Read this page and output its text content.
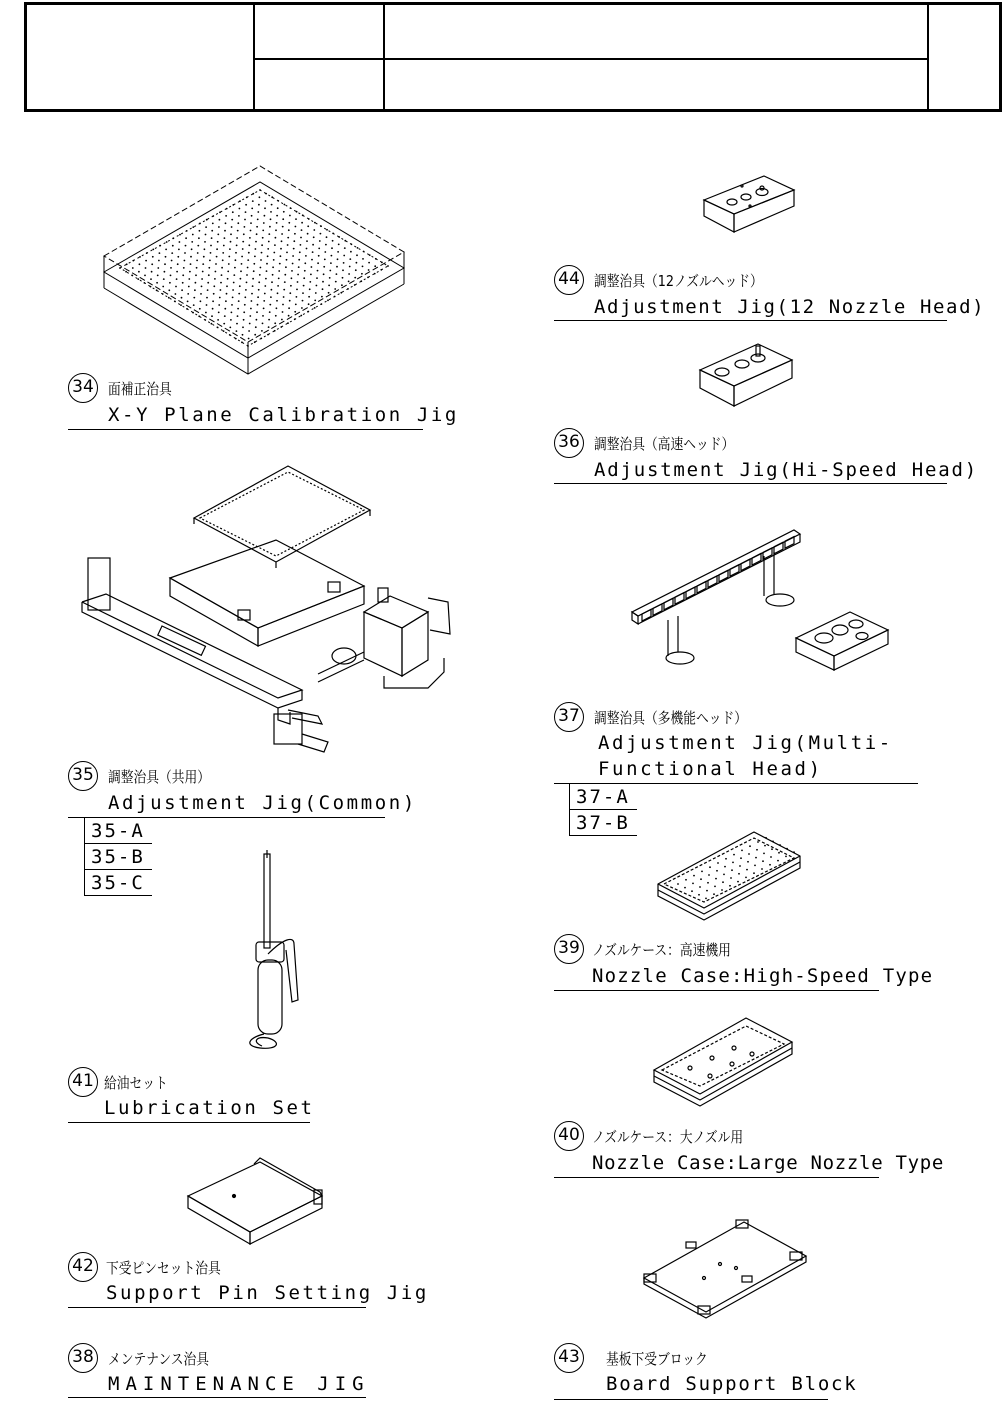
34 面補正治具
X-Y Plane Calibration Jig
35 調整治具（共用）
Adjustment Jig(Common)
35-A
35-B
35-C
41 給油セット
Lubrication Set
42 下受ピンセット治具
Support Pin Setting Jig
38 メンテナンス治具
MAINTENANCE JIG
44 調整治具（12ノズルヘッド）
Adjustment Jig(12 Nozzle Head)
36 調整治具（高速ヘッド）
Adjustment Jig(Hi-Speed Head)
37 調整治具（多機能ヘッド）
Adjustment Jig(Multi-
Functional Head)
37-A
37-B
39 ノズルケース：高速機用
Nozzle Case:High-Speed Type
40 ノズルケース：大ノズル用
Nozzle Case:Large Nozzle Type
43 基板下受ブロック
Board Support Block
